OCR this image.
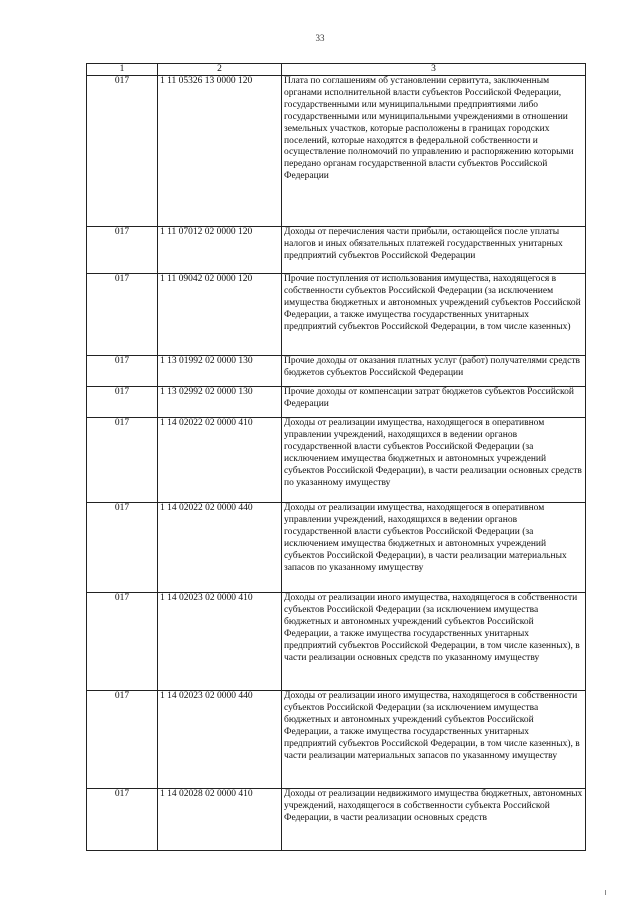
33
1	2	3
017	1 11 05326 13 0000 120	Плата по соглашениям об установлении сервитута, заключенным органами исполнительной власти субъектов Российской Федерации, государственными или муниципальными предприятиями либо государственными или муниципальными учреждениями в отношении земельных участков, которые расположены в границах городских поселений, которые находятся в федеральной собственности и осуществление полномочий по управлению и распоряжению которыми передано органам государственной власти субъектов Российской Федерации
017	1 11 07012 02 0000 120	Доходы от перечисления части прибыли, остающейся после уплаты налогов и иных обязательных платежей государственных унитарных предприятий субъектов Российской Федерации
017	1 11 09042 02 0000 120	Прочие поступления от использования имущества, находящегося в собственности субъектов Российской Федерации (за исключением имущества бюджетных и автономных учреждений субъектов Российской Федерации, а также имущества государственных унитарных предприятий субъектов Российской Федерации, в том числе казенных)
017	1 13 01992 02 0000 130	Прочие доходы от оказания платных услуг (работ) получателями средств бюджетов субъектов Российской Федерации
017	1 13 02992 02 0000 130	Прочие доходы от компенсации затрат бюджетов субъектов Российской Федерации
017	1 14 02022 02 0000 410	Доходы от реализации имущества, находящегося в оперативном управлении учреждений, находящихся в ведении органов государственной власти субъектов Российской Федерации (за исключением имущества бюджетных и автономных учреждений субъектов Российской Федерации), в части реализации основных средств по указанному имуществу
017	1 14 02022 02 0000 440	Доходы от реализации имущества, находящегося в оперативном управлении учреждений, находящихся в ведении органов государственной власти субъектов Российской Федерации (за исключением имущества бюджетных и автономных учреждений субъектов Российской Федерации), в части реализации материальных запасов по указанному имуществу
017	1 14 02023 02 0000 410	Доходы от реализации иного имущества, находящегося в собственности субъектов Российской Федерации (за исключением имущества бюджетных и автономных учреждений субъектов Российской Федерации, а также имущества государственных унитарных предприятий субъектов Российской Федерации, в том числе казенных), в части реализации основных средств по указанному имуществу
017	1 14 02023 02 0000 440	Доходы от реализации иного имущества, находящегося в собственности субъектов Российской Федерации (за исключением имущества бюджетных и автономных учреждений субъектов Российской Федерации, а также имущества государственных унитарных предприятий субъектов Российской Федерации, в том числе казенных), в части реализации материальных запасов по указанному имуществу
017	1 14 02028 02 0000 410	Доходы от реализации недвижимого имущества бюджетных, автономных учреждений, находящегося в собственности субъекта Российской Федерации, в части реализации основных средств
